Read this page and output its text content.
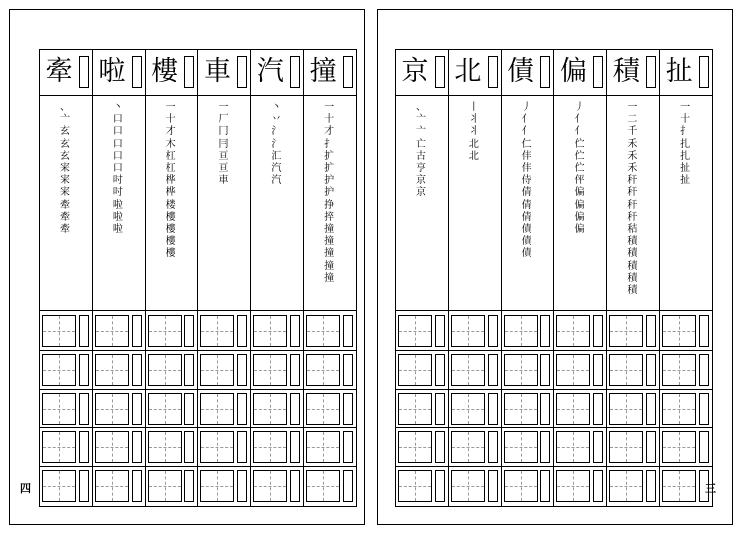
牽
、
亠
玄
玄
玄
宩
宩
宩
牽
牽
牽
啦
丶
口
口
口
口
口
吋
吋
啦
啦
啦
樓
一
十
才
木
杠
杠
桦
桦
楼
樓
樓
樓
樓
車
一
厂
冂
冃
亘
亘
車
汽
丶
丷
氵
氵
汇
汽
汽
撞
一
十
才
扌
扩
扩
护
护
挣
捽
撞
撞
撞
撞
撞
四
京
、
亠
亠
亡
古
亨
京
京
北
丨
丬
丬
北
北
債
丿
亻
亻
仁
仹
仹
侍
倩
倩
倩
債
債
債
偏
丿
亻
亻
伫
伫
伫
伻
偏
偏
偏
偏
積
一
二
千
禾
禾
禾
秆
秆
秆
秆
秸
積
積
積
積
積
扯
一
十
扌
扎
扎
扯
扯
三
